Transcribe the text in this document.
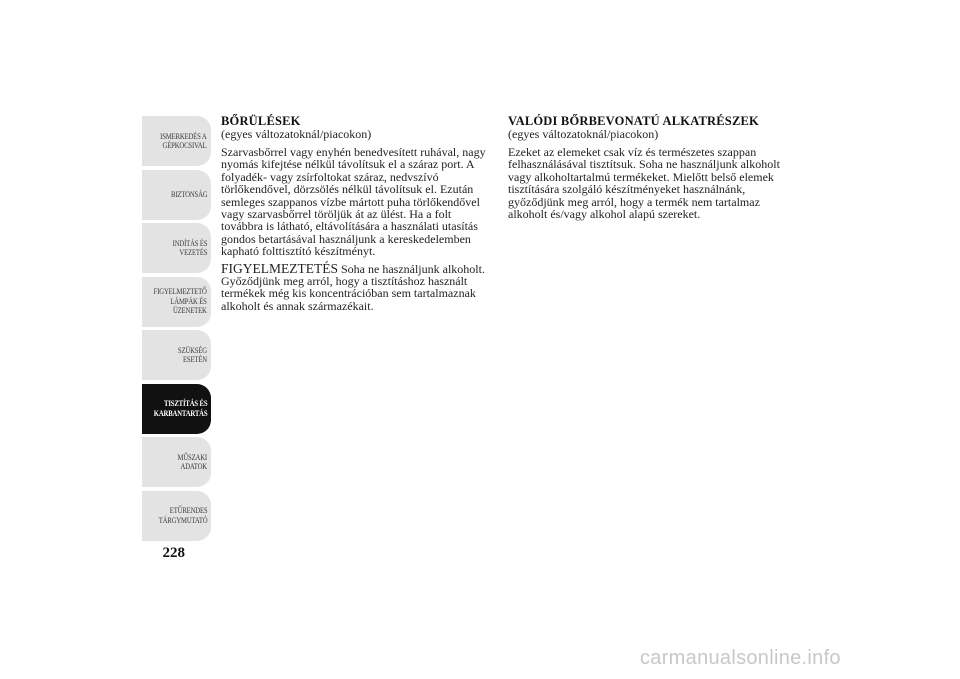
ISMERKEDÉS A
GÉPKOCSIVAL
BIZTONSÁG
INDÍTÁS ÉS
VEZETÉS
FIGYELMEZTETŐ
LÁMPÁK ÉS
ÜZENETEK
SZÜKSÉG ESETÉN
TISZTÍTÁS ÉS
KARBANTARTÁS
MŰSZAKI ADATOK
ETŰRENDES
TÁRGYMUTATÓ
228
BŐRÜLÉSEK
(egyes változatoknál/piacokon)

Szarvasbőrrel vagy enyhén benedvesített ruhával, nagy nyomás kifejtése nélkül távolítsuk el a száraz port. A folyadék- vagy zsírfoltokat száraz, nedvszívó törlőkendővel, dörzsölés nélkül távolítsuk el. Ezután semleges szappanos vízbe mártott puha törlőkendővel vagy szarvasbőrrel töröljük át az ülést. Ha a folt továbbra is látható, eltávolítására a használati utasítás gondos betartásával használjunk a kereskedelemben kapható folttisztító készítményt.

FIGYELMEZTETÉS Soha ne használjunk alkoholt. Győződjünk meg arról, hogy a tisztításhoz használt termékek még kis koncentrációban sem tartalmaznak alkoholt és annak származékait.

VALÓDI BŐRBEVONATÚ ALKATRÉSZEK
(egyes változatoknál/piacokon)

Ezeket az elemeket csak víz és természetes szappan felhasználásával tisztítsuk. Soha ne használjunk alkoholt vagy alkoholtartalmú termékeket. Mielőtt belső elemek tisztítására szolgáló készítményeket használnánk, győződjünk meg arról, hogy a termék nem tartalmaz alkoholt és/vagy alkohol alapú szereket.

carmanualsonline.info
